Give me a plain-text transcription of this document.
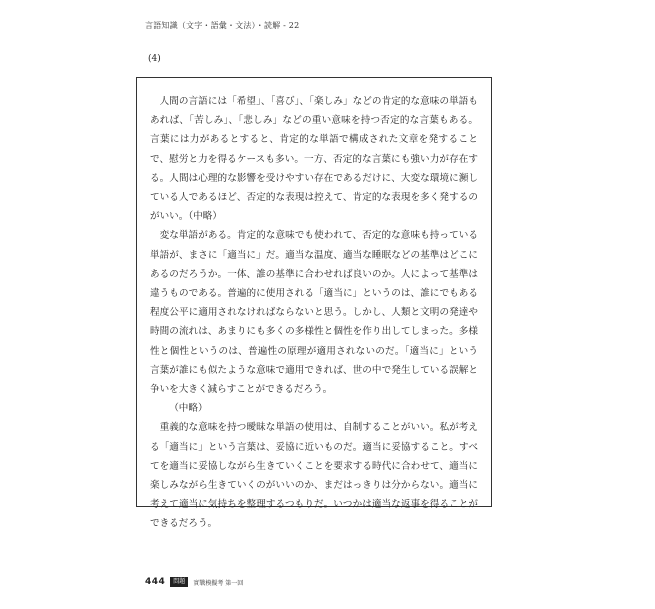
言語知識（文字・語彙・文法）・読解 - 22
(4)

人間の言語には「希望」、「喜び」、「楽しみ」などの肯定的な意味の単語もあれば、「苦しみ」、「悲しみ」などの重い意味を持つ否定的な言葉もある。言葉には力があるとすると、肯定的な単語で構成された文章を発することで、慰労と力を得るケースも多い。一方、否定的な言葉にも強い力が存在する。人間は心理的な影響を受けやすい存在であるだけに、大変な環境に瀕している人であるほど、否定的な表現は控えて、肯定的な表現を多く発するのがいい。（中略）

変な単語がある。肯定的な意味でも使われて、否定的な意味も持っている単語が、まさに「適当に」だ。適当な温度、適当な睡眠などの基準はどこにあるのだろうか。一体、誰の基準に合わせれば良いのか。人によって基準は違うものである。普遍的に使用される「適当に」というのは、誰にでもある程度公平に適用されなければならないと思う。しかし、人類と文明の発達や時間の流れは、あまりにも多くの多様性と個性を作り出してしまった。多様性と個性というのは、普遍性の原理が適用されないのだ。「適当に」という言葉が誰にも似たような意味で適用できれば、世の中で発生している誤解と争いを大きく減らすことができるだろう。

（中略）

重義的な意味を持つ曖昧な単語の使用は、自制することがいい。私が考える「適当に」という言葉は、妥協に近いものだ。適当に妥協すること。すべてを適当に妥協しながら生きていくことを要求する時代に合わせて、適当に楽しみながら生きていくのがいいのか、まだはっきりは分からない。適当に考えて適当に気持ちを整理するつもりだ。いつかは適当な返事を得ることができるだろう。

444	問題	實戰模擬考 第一回
